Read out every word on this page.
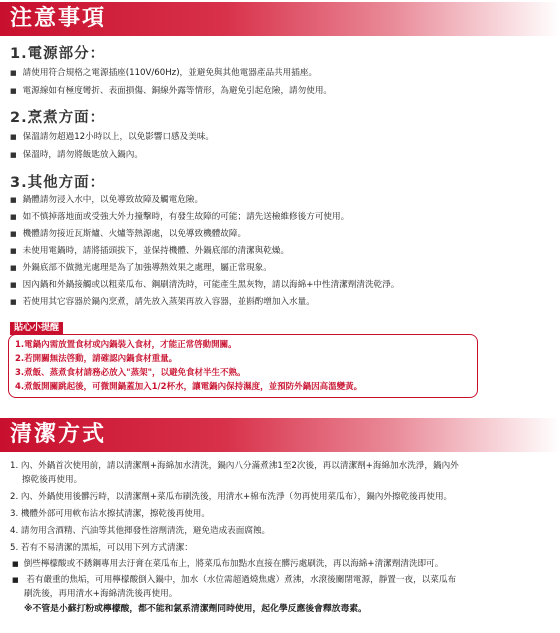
注意事項
1.電源部分：
■ 請使用符合規格之電源插座(110V/60Hz)，並避免與其他電器產品共用插座。
■ 電源線如有極度彎折、表面損傷、銅線外露等情形，為避免引起危險，請勿使用。
2.烹煮方面：
■ 保溫請勿超過12小時以上，以免影響口感及美味。
■ 保溫時，請勿將飯匙放入鍋內。
3.其他方面：
■ 鍋體請勿浸入水中，以免導致故障及觸電危險。
■ 如不慎掉落地面或受強大外力撞擊時，有發生故障的可能；請先送檢維修後方可使用。
■ 機體請勿接近瓦斯爐、火爐等熱源處，以免導致機體故障。
■ 未使用電鍋時，請將插頭拔下，並保持機體、外鍋底部的清潔與乾燥。
■ 外鍋底部不做拋光處理是為了加強導熱效果之處理，屬正常現象。
■ 因內鍋和外鍋接觸或以粗菜瓜布、鋼刷清洗時，可能產生黑灰物，請以海綿+中性清潔劑清洗乾淨。
■ 若使用其它容器於鍋內烹煮，請先放入蒸架再放入容器，並斟酌增加入水量。
貼心小提醒
1.電鍋內需放置食材或內鍋裝入食材，才能正常啓動開關。
2.若開關無法啓動，請確認內鍋食材重量。
3.煮飯、蒸煮食材請務必放入"蒸架"，以避免食材半生不熟。
4.煮飯開關跳起後，可微開鍋蓋加入1/2杯水，讓電鍋內保持濕度，並預防外鍋因高溫變黃。
清潔方式
1. 內、外鍋首次使用前，請以清潔劑+海綿加水清洗，鍋內八分滿煮沸1至2次後，再以清潔劑+海綿加水洗淨，鍋內外
擦乾後再使用。
2. 內、外鍋使用後髒污時，以清潔劑+菜瓜布刷洗後，用清水+棉布洗淨（勿再使用菜瓜布），鍋內外擦乾後再使用。
3. 機體外部可用軟布沾水擦拭清潔，擦乾後再使用。
4. 請勿用含酒精、汽油等其他揮發性溶劑清洗，避免造成表面腐蝕。
5. 若有不易清潔的黑垢，可以用下列方式清潔：
■ 倒些檸檬酸或不銹鋼專用去汙膏在菜瓜布上，將菜瓜布加點水直接在髒污處刷洗，再以海綿+清潔劑清洗即可。
■ 若有嚴重的焦垢，可用檸檬酸倒入鍋中，加水（水位需超過燒焦處）煮沸，水滾後關閉電源，靜置一夜，以菜瓜布
刷洗後，再用清水+海綿清洗後再使用。
※不管是小蘇打粉或檸檬酸，都不能和氯系清潔劑同時使用，起化學反應後會釋放毒素。
